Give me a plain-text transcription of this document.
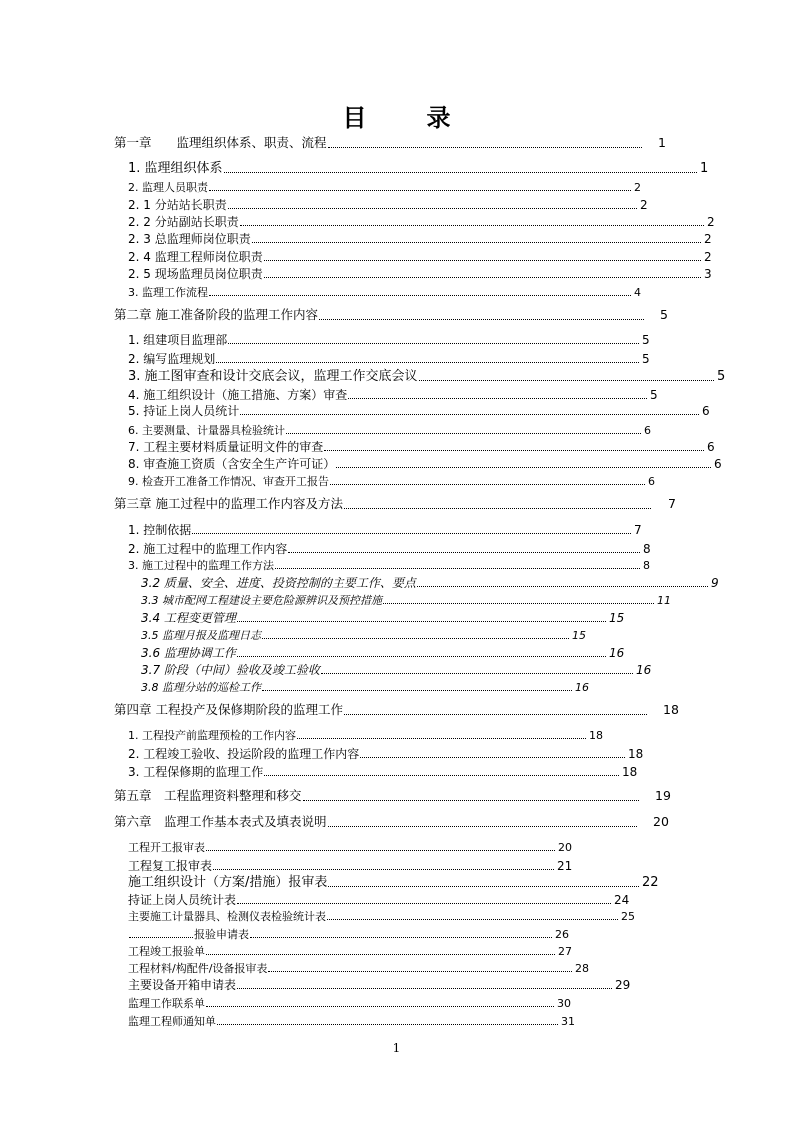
目	录
第一章　　监理组织体系、职责、流程	1
1. 监理组织体系	1
2. 监理人员职责	2
2. 1 分站站长职责	2
2. 2 分站副站长职责	2
2. 3 总监理师岗位职责	2
2. 4 监理工程师岗位职责	2
2. 5 现场监理员岗位职责	3
3. 监理工作流程	4
第二章 施工准备阶段的监理工作内容	5
1. 组建项目监理部	5
2. 编写监理规划	5
3. 施工图审查和设计交底会议，监理工作交底会议	5
4. 施工组织设计（施工措施、方案）审查	5
5. 持证上岗人员统计	6
6. 主要测量、计量器具检验统计	6
7. 工程主要材料质量证明文件的审查	6
8. 审查施工资质（含安全生产许可证）	6
9. 检查开工准备工作情况、审查开工报告	6
第三章 施工过程中的监理工作内容及方法	7
1. 控制依据	7
2. 施工过程中的监理工作内容	8
3. 施工过程中的监理工作方法	8
3.2 质量、安全、进度、投资控制的主要工作、要点	9
3.3 城市配网工程建设主要危险源辨识及预控措施	11
3.4 工程变更管理	15
3.5 监理月报及监理日志	15
3.6 监理协调工作	16
3.7 阶段（中间）验收及竣工验收	16
3.8 监理分站的巡检工作	16
第四章 工程投产及保修期阶段的监理工作	18
1. 工程投产前监理预检的工作内容	18
2. 工程竣工验收、投运阶段的监理工作内容	18
3. 工程保修期的监理工作	18
第五章　工程监理资料整理和移交	19
第六章　监理工作基本表式及填表说明	20
工程开工报审表	20
工程复工报审表	21
施工组织设计（方案/措施）报审表	22
持证上岗人员统计表	24
主要施工计量器具、检测仪表检验统计表	25
报验申请表	26
工程竣工报验单	27
工程材料/构配件/设备报审表	28
主要设备开箱申请表	29
监理工作联系单	30
监理工程师通知单	31
1
